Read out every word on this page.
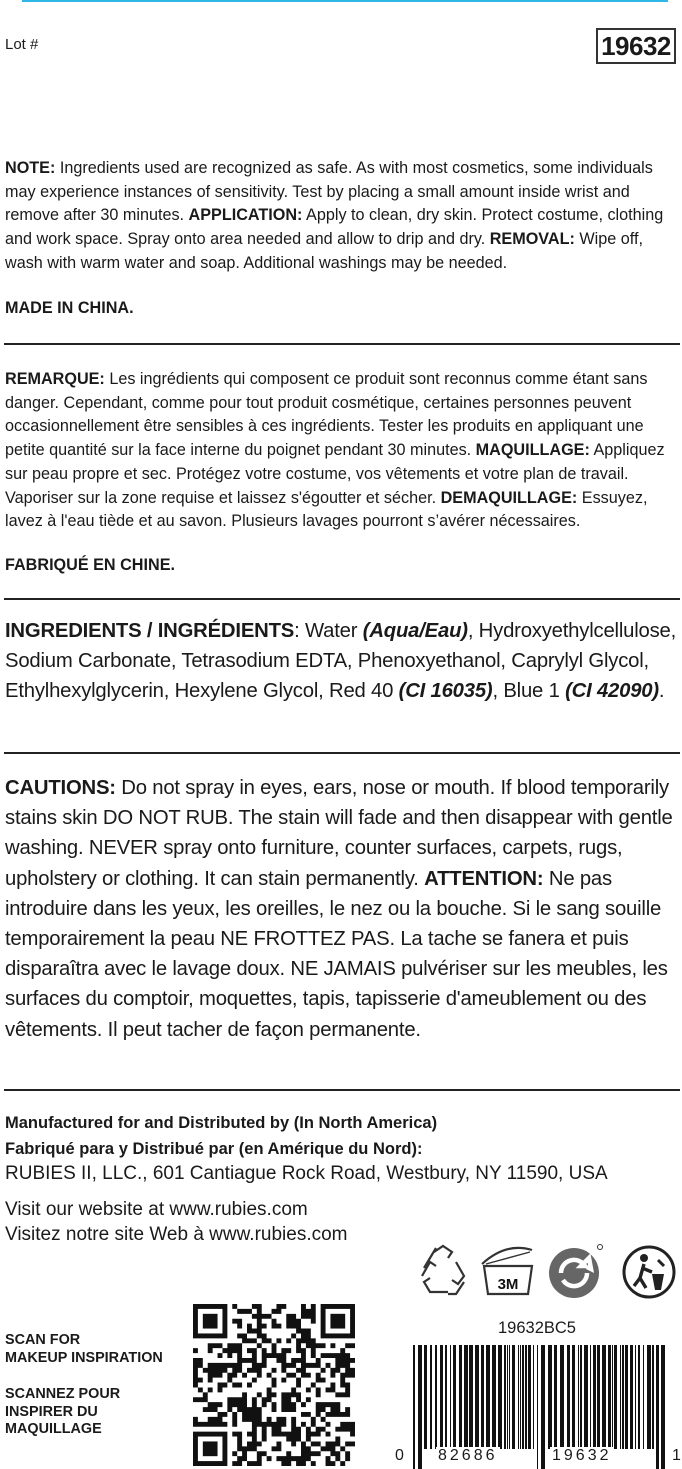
Lot #	19632

NOTE: Ingredients used are recognized as safe. As with most cosmetics, some individuals may experience instances of sensitivity. Test by placing a small amount inside wrist and remove after 30 minutes. APPLICATION: Apply to clean, dry skin. Protect costume, clothing and work space. Spray onto area needed and allow to drip and dry. REMOVAL: Wipe off, wash with warm water and soap. Additional washings may be needed.

MADE IN CHINA.

REMARQUE: Les ingrédients qui composent ce produit sont reconnus comme étant sans danger. Cependant, comme pour tout produit cosmétique, certaines personnes peuvent occasionnellement être sensibles à ces ingrédients. Tester les produits en appliquant une petite quantité sur la face interne du poignet pendant 30 minutes. MAQUILLAGE: Appliquez sur peau propre et sec. Protégez votre costume, vos vêtements et votre plan de travail. Vaporiser sur la zone requise et laissez s'égoutter et sécher. DEMAQUILLAGE: Essuyez, lavez à l'eau tiède et au savon. Plusieurs lavages pourront s’avérer nécessaires.

FABRIQUÉ EN CHINE.

INGREDIENTS / INGRÉDIENTS: Water (Aqua/Eau), Hydroxyethylcellulose, Sodium Carbonate, Tetrasodium EDTA, Phenoxyethanol, Caprylyl Glycol, Ethylhexylglycerin, Hexylene Glycol, Red 40 (CI 16035), Blue 1 (CI 42090).

CAUTIONS: Do not spray in eyes, ears, nose or mouth. If blood temporarily stains skin DO NOT RUB. The stain will fade and then disappear with gentle washing. NEVER spray onto furniture, counter surfaces, carpets, rugs, upholstery or clothing. It can stain permanently. ATTENTION: Ne pas introduire dans les yeux, les oreilles, le nez ou la bouche. Si le sang souille temporairement la peau NE FROTTEZ PAS. La tache se fanera et puis disparaîtra avec le lavage doux. NE JAMAIS pulvériser sur les meubles, les surfaces du comptoir, moquettes, tapis, tapisserie d'ameublement ou des vêtements. Il peut tacher de façon permanente.

Manufactured for and Distributed by (In North America)
Fabriqué para y Distribué par (en Amérique du Nord):
RUBIES II, LLC., 601 Cantiague Rock Road, Westbury, NY 11590, USA
Visit our website at www.rubies.com
Visitez notre site Web à www.rubies.com
3M
SCAN FOR
MAKEUP INSPIRATION
SCANNEZ POUR
INSPIRER DU
MAQUILLAGE
19632BC5
0 82686	19632	1
